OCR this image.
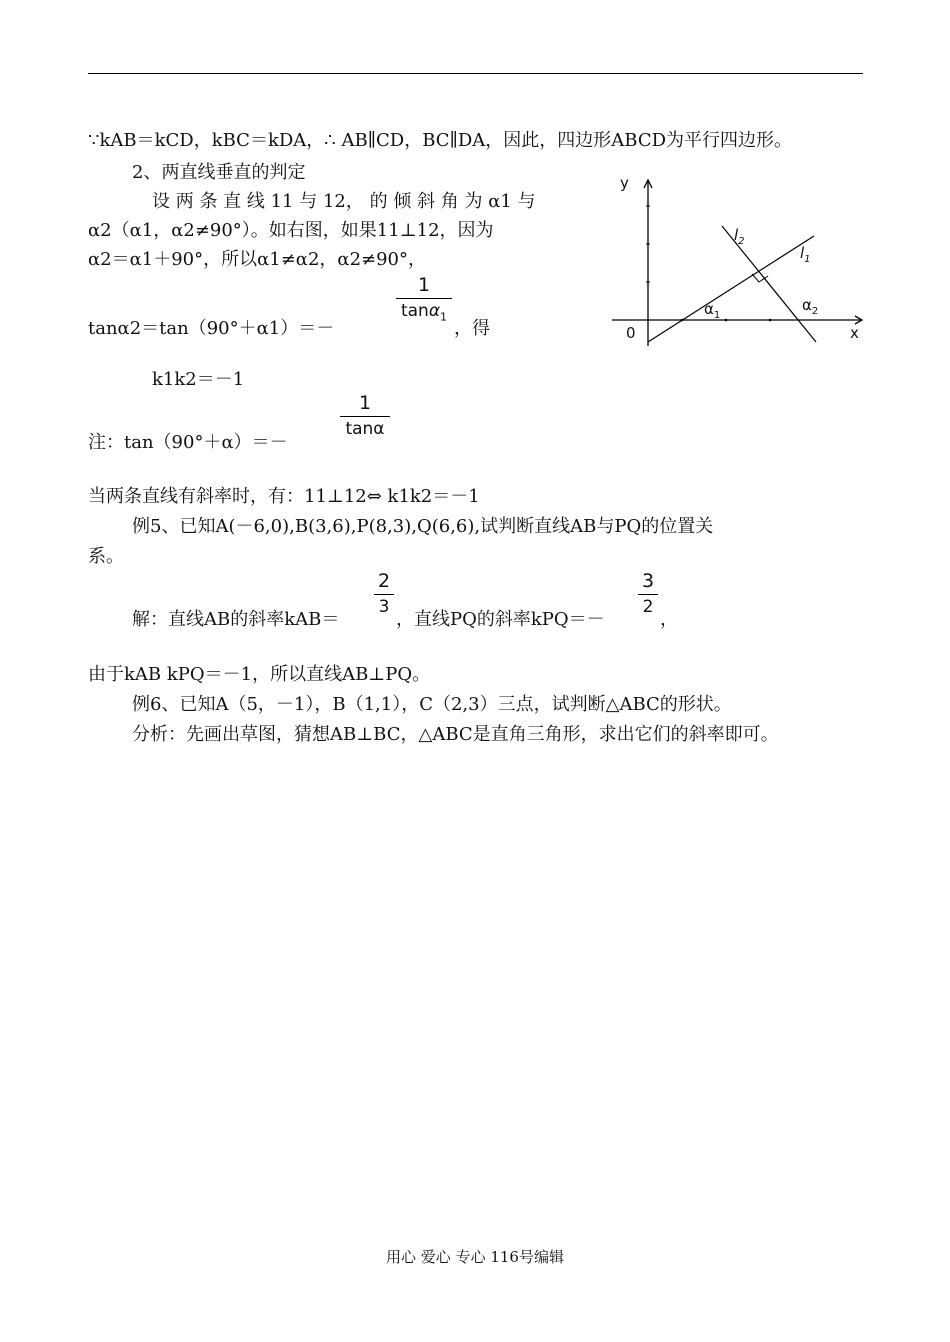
∵kAB＝kCD，kBC＝kDA，∴ AB∥CD，BC∥DA，因此，四边形ABCD为平行四边形。
2、两直线垂直的判定
设 两 条 直 线 11 与 12， 的 倾 斜 角 为 α1 与
α2（α1，α2≠90°）。如右图，如果11⊥12，因为
α2＝α1＋90°，所以α1≠α2，α2≠90°，
tanα2＝tan（90°＋α1）＝－
1
tanα$_1$
，得
k1k2＝－1
注：tan（90°＋α）＝－
1
tanα
当两条直线有斜率时，有：11⊥12⇔ k1k2＝－1
例5、已知A(－6,0),B(3,6),P(8,3),Q(6,6),试判断直线AB与PQ的位置关
系。
解：直线AB的斜率kAB＝
2
3
，直线PQ的斜率kPQ＝－
3
2
，
由于kAB kPQ＝－1，所以直线AB⊥PQ。
例6、已知A（5，－1），B（1,1），C（2,3）三点，试判断△ABC的形状。
分析：先画出草图，猜想AB⊥BC，△ABC是直角三角形，求出它们的斜率即可。
y
x
0
$l_1$
$l_2$
$\alpha_1$
$\alpha_2$
用心 爱心 专心 116号编辑
